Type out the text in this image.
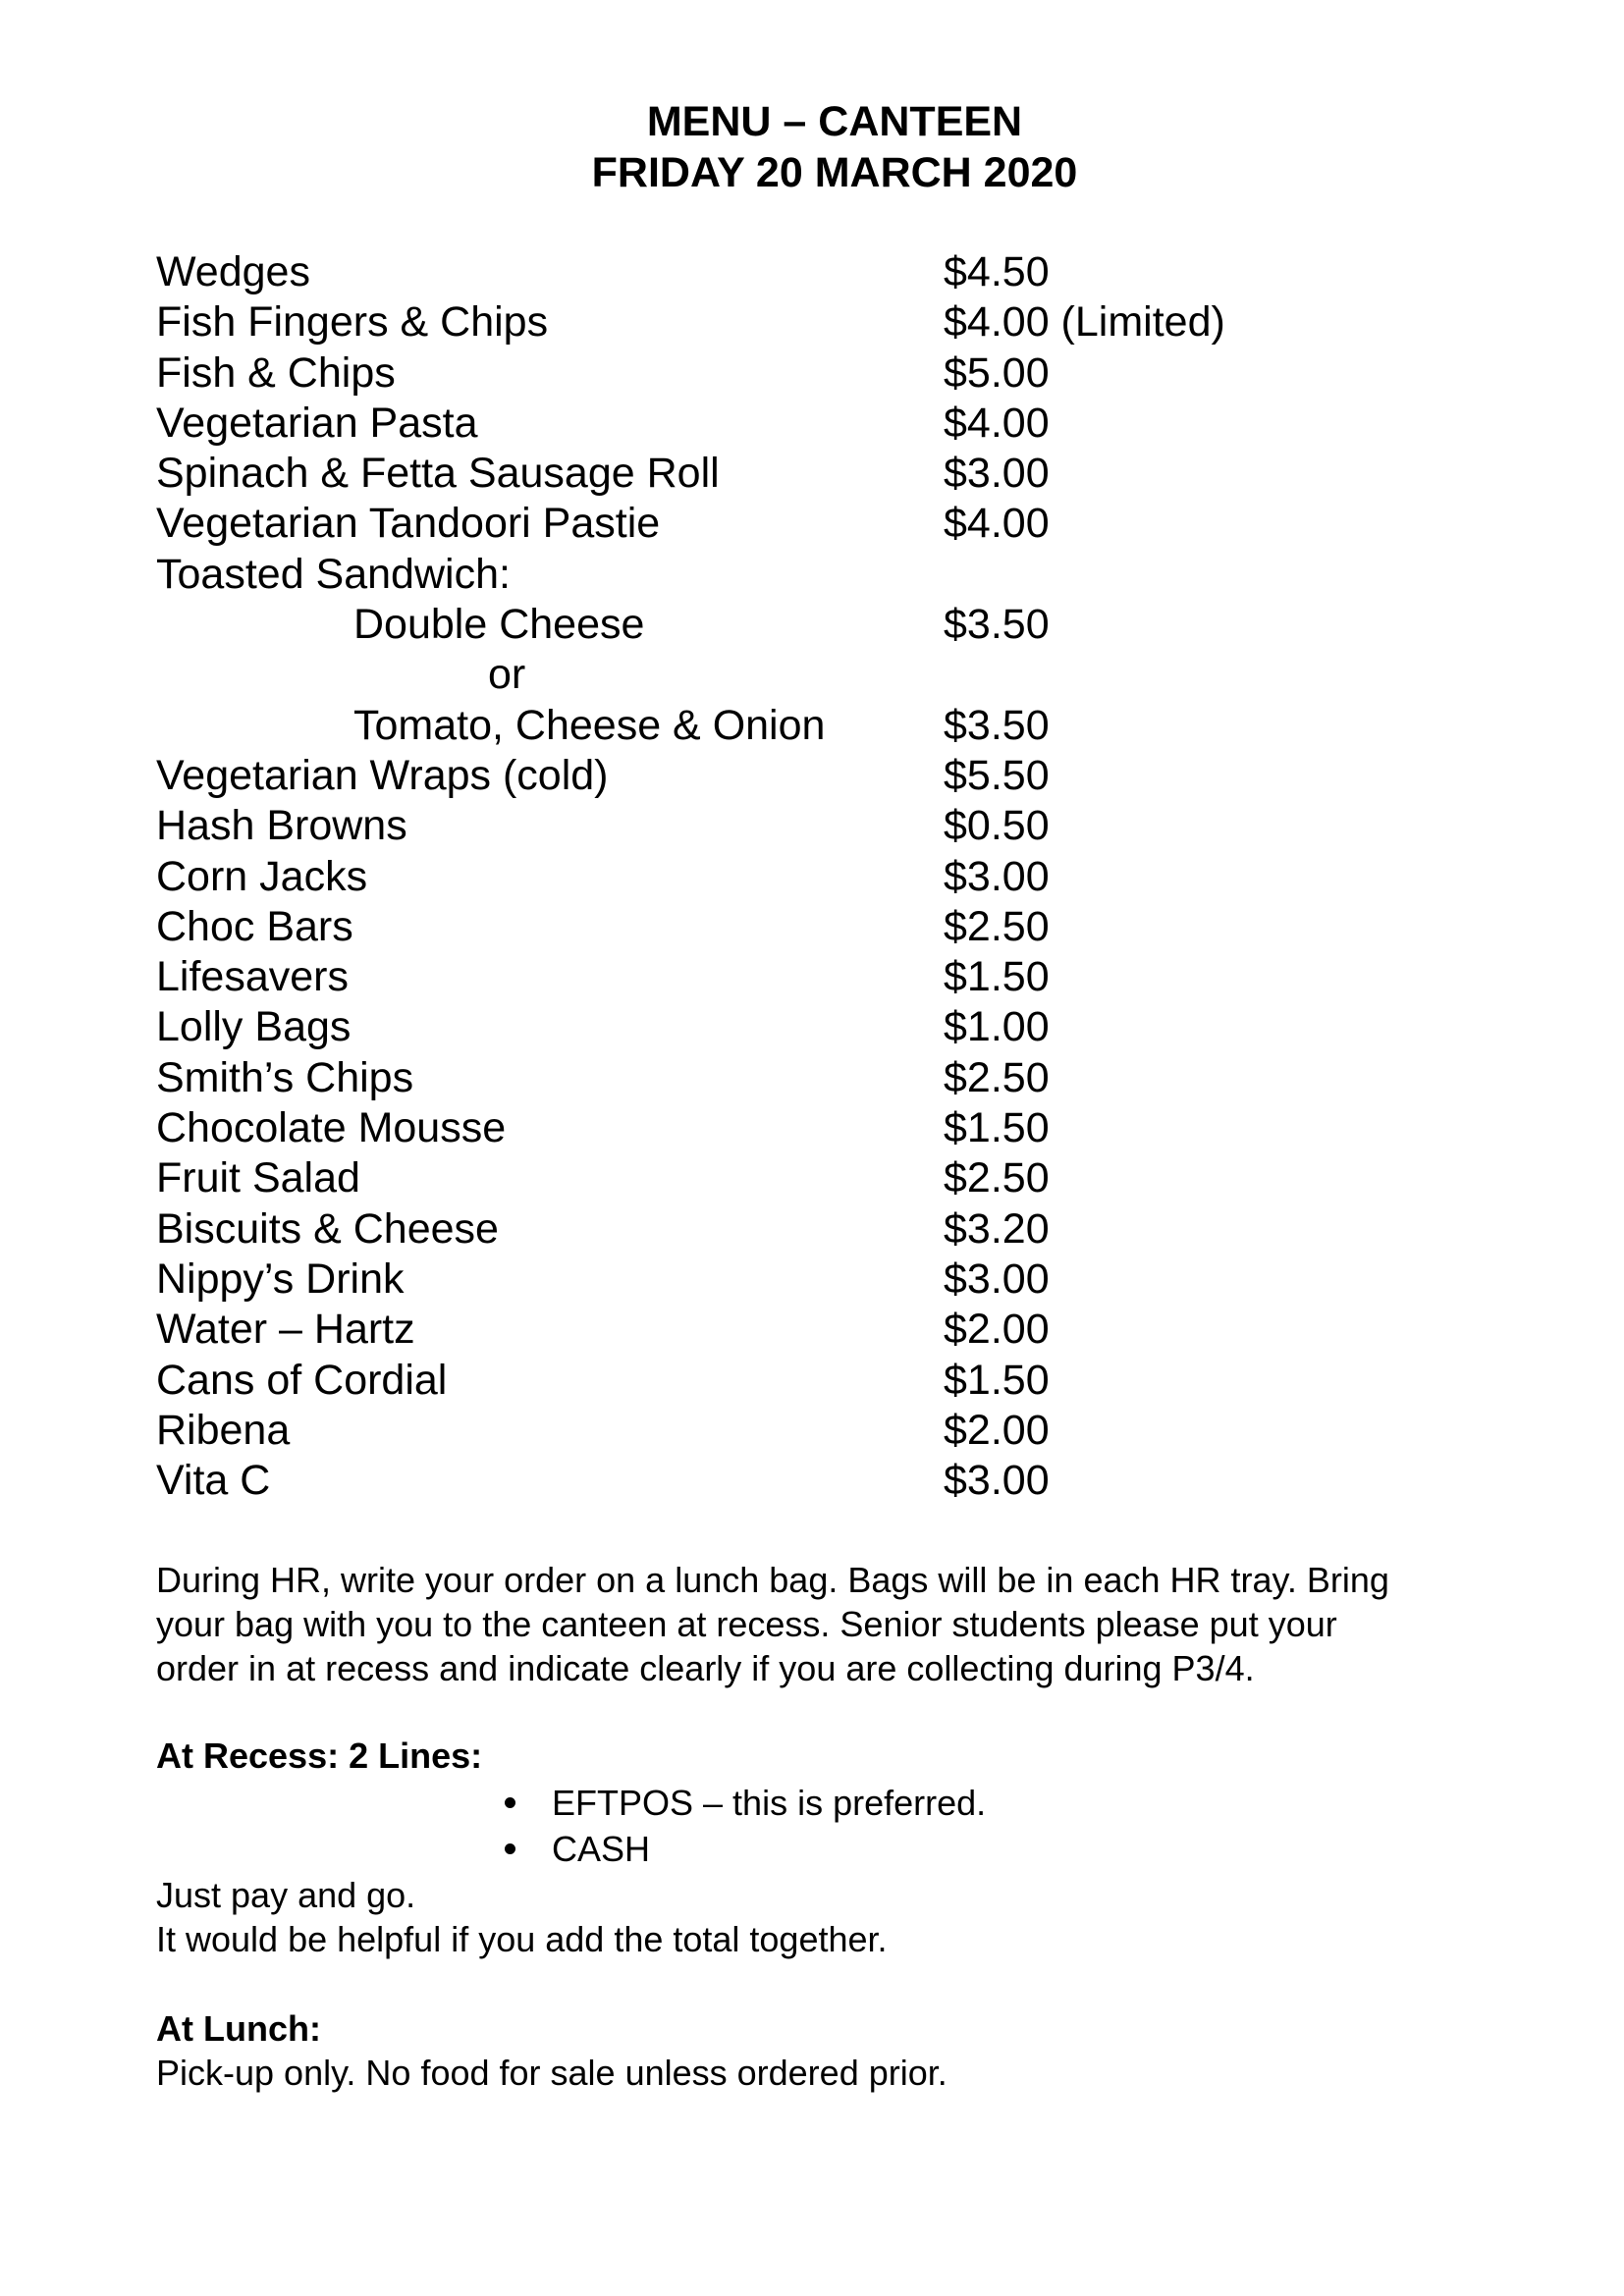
MENU – CANTEEN
FRIDAY 20 MARCH 2020
Wedges	$4.50
Fish Fingers & Chips	$4.00 (Limited)
Fish & Chips	$5.00
Vegetarian Pasta	$4.00
Spinach & Fetta Sausage Roll	$3.00
Vegetarian Tandoori Pastie	$4.00
Toasted Sandwich:
Double Cheese	$3.50
or
Tomato, Cheese & Onion	$3.50
Vegetarian Wraps (cold)	$5.50
Hash Browns	$0.50
Corn Jacks	$3.00
Choc Bars	$2.50
Lifesavers	$1.50
Lolly Bags	$1.00
Smith’s Chips	$2.50
Chocolate Mousse	$1.50
Fruit Salad	$2.50
Biscuits & Cheese	$3.20
Nippy’s Drink	$3.00
Water – Hartz	$2.00
Cans of Cordial	$1.50
Ribena	$2.00
Vita C	$3.00

During HR, write your order on a lunch bag. Bags will be in each HR tray. Bring

your bag with you to the canteen at recess. Senior students please put your

order in at recess and indicate clearly if you are collecting during P3/4.

At Recess: 2 Lines:
EFTPOS – this is preferred.
CASH

Just pay and go.

It would be helpful if you add the total together.

At Lunch:
Pick-up only. No food for sale unless ordered prior.
